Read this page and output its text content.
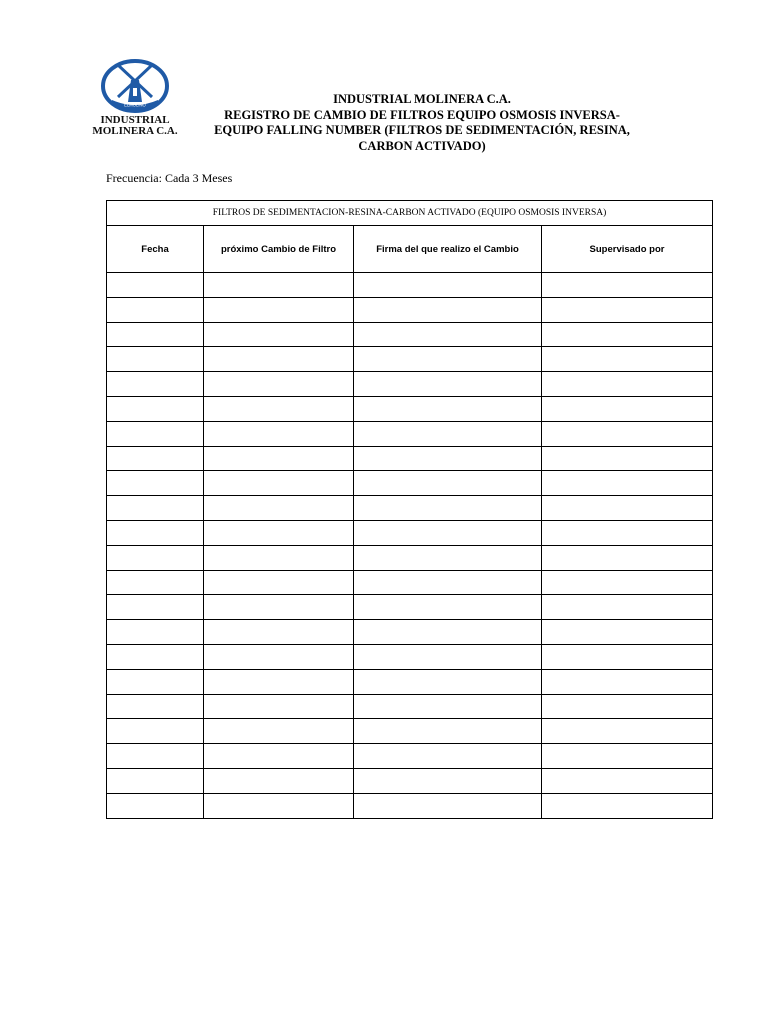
ELMOLINO
INDUSTRIAL
MOLINERA C.A.
INDUSTRIAL MOLINERA C.A.
REGISTRO DE CAMBIO DE FILTROS EQUIPO OSMOSIS INVERSA-
EQUIPO FALLING NUMBER (FILTROS DE SEDIMENTACIÓN, RESINA,
CARBON ACTIVADO)
Frecuencia: Cada 3 Meses
FILTROS DE SEDIMENTACION-RESINA-CARBON ACTIVADO (EQUIPO OSMOSIS INVERSA)			
Fecha	próximo Cambio de Filtro	Firma del que realizo el Cambio	Supervisado por
